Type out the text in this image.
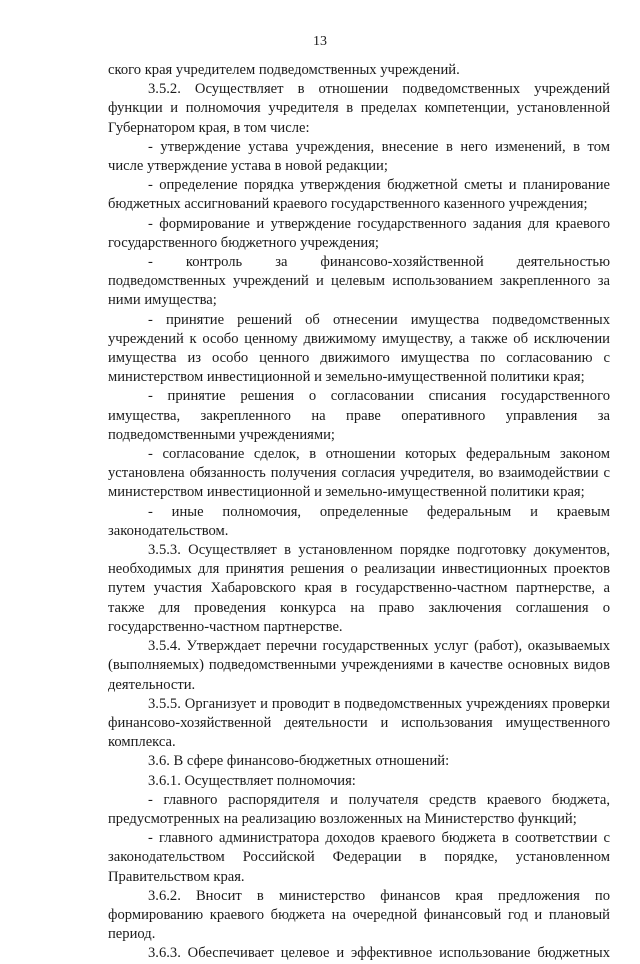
13

ского края учредителем подведомственных учреждений.

3.5.2. Осуществляет в отношении подведомственных учреждений функции и полномочия учредителя в пределах компетенции, установленной Губернатором края, в том числе:

- утверждение устава учреждения, внесение в него изменений, в том числе утверждение устава в новой редакции;

- определение порядка утверждения бюджетной сметы и планирование бюджетных ассигнований краевого государственного казенного учреждения;

- формирование и утверждение государственного задания для краевого государственного бюджетного учреждения;

- контроль за финансово-хозяйственной деятельностью подведомственных учреждений и целевым использованием закрепленного за ними имущества;

- принятие решений об отнесении имущества подведомственных учреждений к особо ценному движимому имуществу, а также об исключении имущества из особо ценного движимого имущества по согласованию с министерством инвестиционной и земельно-имущественной политики края;

- принятие решения о согласовании списания государственного имущества, закрепленного на праве оперативного управления за подведомственными учреждениями;

- согласование сделок, в отношении которых федеральным законом установлена обязанность получения согласия учредителя, во взаимодействии с министерством инвестиционной и земельно-имущественной политики края;

- иные полномочия, определенные федеральным и краевым законодательством.

3.5.3. Осуществляет в установленном порядке подготовку документов, необходимых для принятия решения о реализации инвестиционных проектов путем участия Хабаровского края в государственно-частном партнерстве, а также для проведения конкурса на право заключения соглашения о государственно-частном партнерстве.

3.5.4. Утверждает перечни государственных услуг (работ), оказываемых (выполняемых) подведомственными учреждениями в качестве основных видов деятельности.

3.5.5. Организует и проводит в подведомственных учреждениях проверки финансово-хозяйственной деятельности и использования имущественного комплекса.

3.6. В сфере финансово-бюджетных отношений:

3.6.1. Осуществляет полномочия:

- главного распорядителя и получателя средств краевого бюджета, предусмотренных на реализацию возложенных на Министерство функций;

- главного администратора доходов краевого бюджета в соответствии с законодательством Российской Федерации в порядке, установленном Правительством края.

3.6.2. Вносит в министерство финансов края предложения по формированию краевого бюджета на очередной финансовый год и плановый период.

3.6.3. Обеспечивает целевое и эффективное использование бюджетных
